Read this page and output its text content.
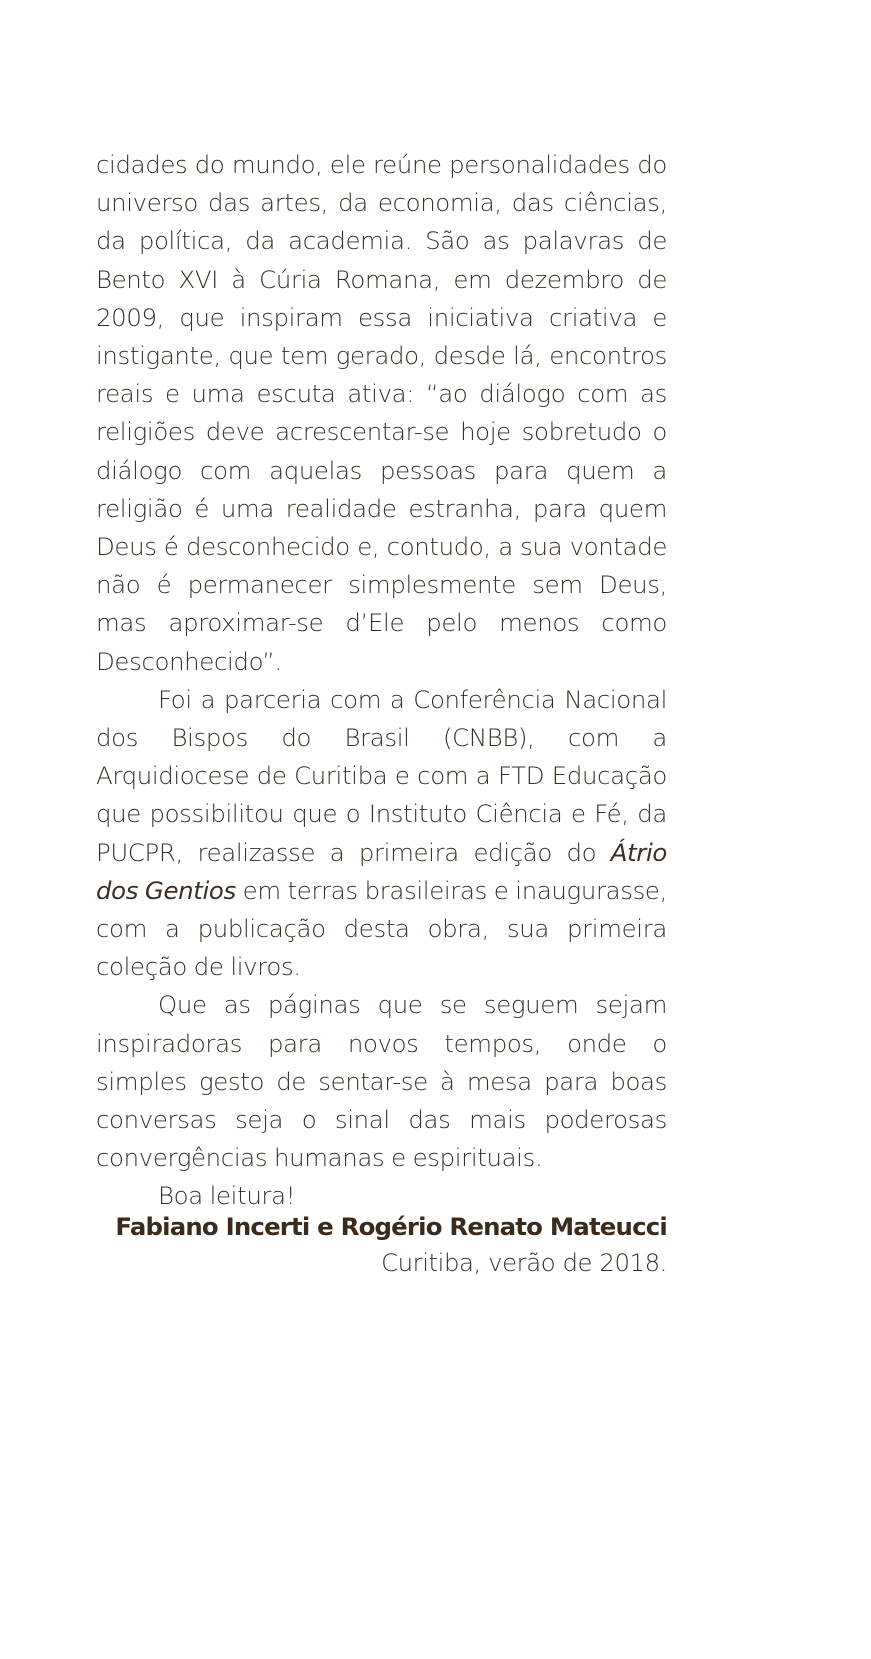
cidades do mundo, ele reúne personalidades do universo das artes, da economia, das ciências, da política, da academia. São as palavras de Bento XVI à Cúria Romana, em dezembro de 2009, que inspiram essa iniciativa criativa e instigante, que tem gerado, desde lá, encontros reais e uma escuta ativa: “ao diálogo com as religiões deve acrescentar-se hoje sobretudo o diálogo com aquelas pessoas para quem a religião é uma realidade estranha, para quem Deus é desconhecido e, contudo, a sua vontade não é permanecer simplesmente sem Deus, mas aproximar-se d’Ele pelo menos como Desconhecido”.

Foi a parceria com a Conferência Nacional dos Bispos do Brasil (CNBB), com a Arquidiocese de Curitiba e com a FTD Educação que possibilitou que o Instituto Ciência e Fé, da PUCPR, realizasse a primeira edição do Átrio dos Gentios em terras brasileiras e inaugurasse, com a publicação desta obra, sua primeira coleção de livros.

Que as páginas que se seguem sejam inspiradoras para novos tempos, onde o simples gesto de sentar-se à mesa para boas conversas seja o sinal das mais poderosas convergências humanas e espirituais.

Boa leitura!

Fabiano Incerti e Rogério Renato Mateucci
Curitiba, verão de 2018.
